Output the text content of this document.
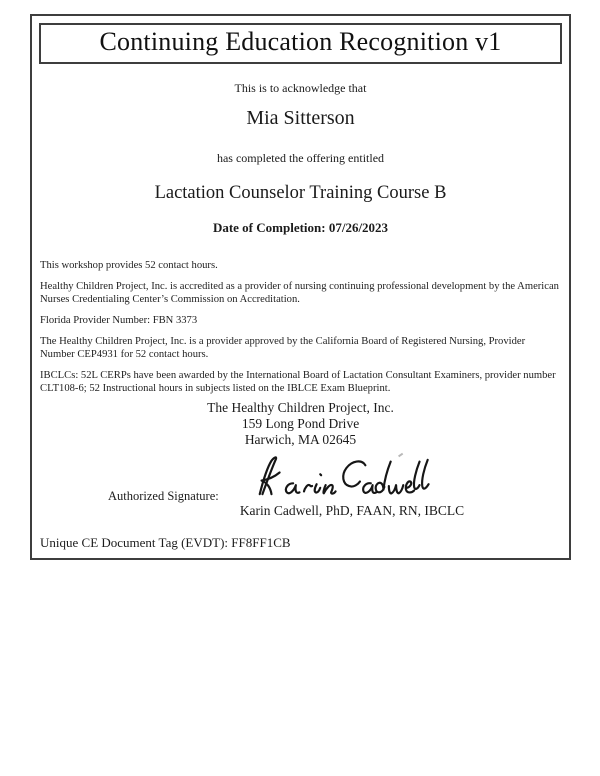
Continuing Education Recognition v1
This is to acknowledge that
Mia Sitterson
has completed the offering entitled
Lactation Counselor Training Course B
Date of Completion: 07/26/2023

This workshop provides 52 contact hours.

Healthy Children Project, Inc. is accredited as a provider of nursing continuing professional development by the American Nurses Credentialing Center’s Commission on Accreditation.

Florida Provider Number: FBN 3373

The Healthy Children Project, Inc. is a provider approved by the California Board of Registered Nursing, Provider Number CEP4931 for 52 contact hours.

IBCLCs: 52L CERPs have been awarded by the International Board of Lactation Consultant Examiners, provider number CLT108-6; 52 Instructional hours in subjects listed on the IBLCE Exam Blueprint.

The Healthy Children Project, Inc.
159 Long Pond Drive
Harwich, MA 02645
Authorized Signature:
Karin Cadwell, PhD, FAAN, RN, IBCLC
Unique CE Document Tag (EVDT): FF8FF1CB
